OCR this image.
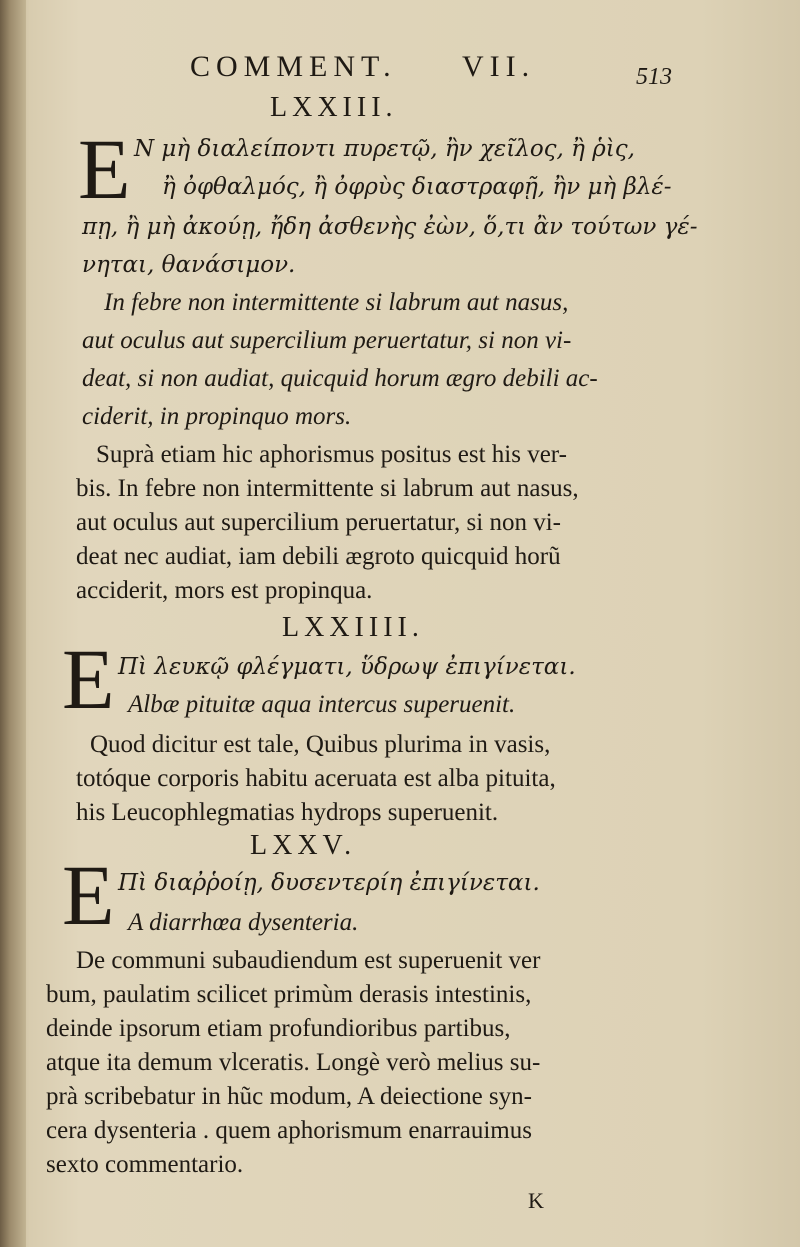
COMMENT. VII.	513
LXXIII.
E N μὴ διαλείποντι πυρετῷ, ἢν χεῖλος, ἢ ῥὶς,
ἢ ὀφθαλμός, ἢ ὀφρὺς διαστραφῇ, ἢν μὴ βλέ-
πῃ, ἢ μὴ ἀκούῃ, ἤδη ἀσθενὴς ἐὼν, ὅ,τι ἂν τούτων γέ-
νηται, θανάσιμον.
In febre non intermittente si labrum aut nasus,
aut oculus aut supercilium peruertatur, si non vi-
deat, si non audiat, quicquid horum ægro debili ac-
ciderit, in propinquo mors.
Suprà etiam hic aphorismus positus est his ver-
bis. In febre non intermittente si labrum aut nasus,
aut oculus aut supercilium peruertatur, si non vi-
deat nec audiat, iam debili ægroto quicquid horũ
acciderit, mors est propinqua.
LXXIIII.
E Πὶ λευκῷ φλέγματι, ὕδρωψ ἐπιγίνεται.
Albæ pituitæ aqua intercus superuenit.
Quod dicitur est tale, Quibus plurima in vasis,
totóque corporis habitu aceruata est alba pituita,
his Leucophlegmatias hydrops superuenit.
LXXV.
E Πὶ διαῤῥοίῃ, δυσεντερίη ἐπιγίνεται.
A diarrhœa dysenteria.
De communi subaudiendum est superuenit ver
bum, paulatim scilicet primùm derasis intestinis,
deinde ipsorum etiam profundioribus partibus,
atque ita demum vlceratis. Longè verò melius su-
prà scribebatur in hũc modum, A deiectione syn-
cera dysenteria . quem aphorismum enarrauimus
sexto commentario.
K
